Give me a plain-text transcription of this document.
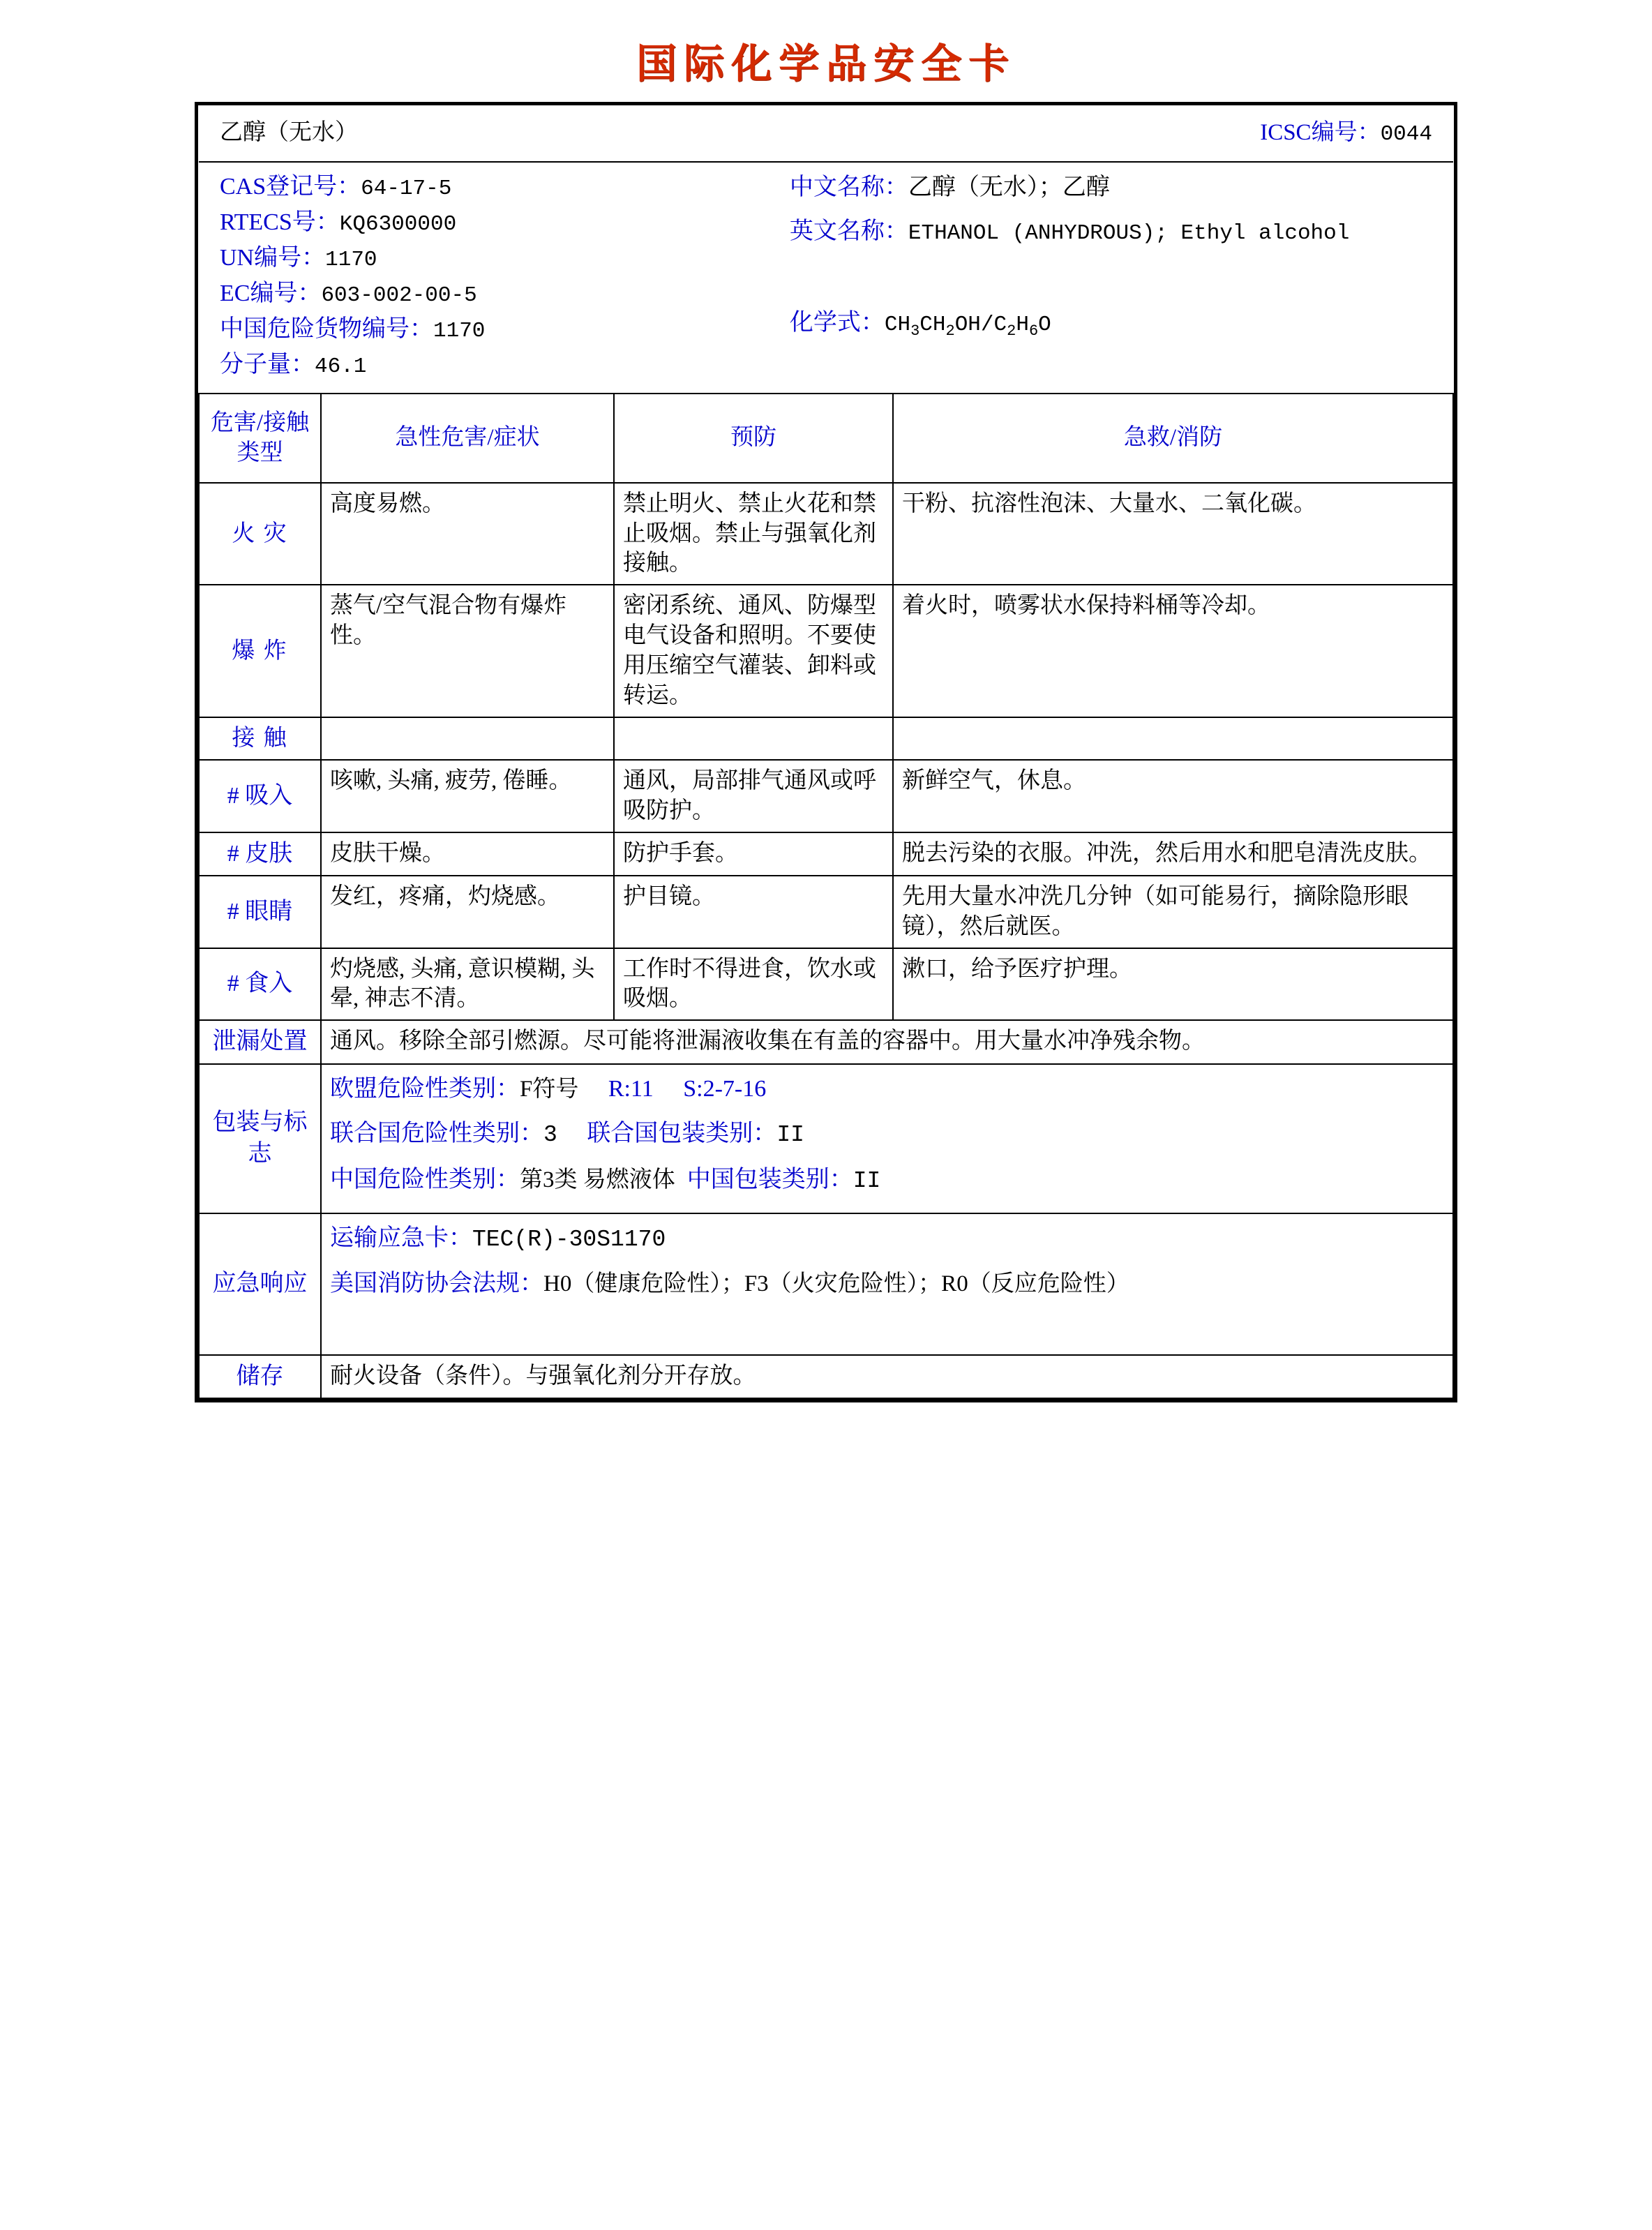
国际化学品安全卡
乙醇（无水）		ICSC编号：0044	

CAS登记号：64-17-5
RTECS号：KQ6300000
UN编号：1170
EC编号：603-002-00-5
中国危险货物编号：1170
分子量：46.1
中文名称：乙醇（无水）；乙醇
英文名称：ETHANOL (ANHYDROUS); Ethyl alcohol
化学式：$CH_3CH_2OH/C_2H_6O$

危害/接触
类型	急性危害/症状	预防	急救/消防
火 灾	高度易燃。	禁止明火、禁止火花和禁止吸烟。禁止与强氧化剂接触。	干粉、抗溶性泡沫、大量水、二氧化碳。
爆 炸	蒸气/空气混合物有爆炸性。	密闭系统、通风、防爆型电气设备和照明。不要使用压缩空气灌装、卸料或转运。	着火时，喷雾状水保持料桶等冷却。
接 触			
# 吸入	咳嗽, 头痛, 疲劳, 倦睡。	通风，局部排气通风或呼吸防护。	新鲜空气，休息。
# 皮肤	皮肤干燥。	防护手套。	脱去污染的衣服。冲洗，然后用水和肥皂清洗皮肤。
# 眼睛	发红，疼痛，灼烧感。	护目镜。	先用大量水冲洗几分钟（如可能易行，摘除隐形眼镜），然后就医。
# 食入	灼烧感, 头痛, 意识模糊, 头晕, 神志不清。	工作时不得进食，饮水或吸烟。	漱口，给予医疗护理。
泄漏处置	通风。移除全部引燃源。尽可能将泄漏液收集在有盖的容器中。用大量水冲净残余物。		
包装与标志	欧盟危险性类别：F符号 R:11 S:2-7-16
联合国危险性类别：3 联合国包装类别：II
中国危险性类别：第3类 易燃液体 中国包装类别：II		

应急响应	运输应急卡：TEC(R)-30S1170
美国消防协会法规：H0（健康危险性）；F3（火灾危险性）；R0（反应危险性）		

储存	耐火设备（条件）。与强氧化剂分开存放。		
